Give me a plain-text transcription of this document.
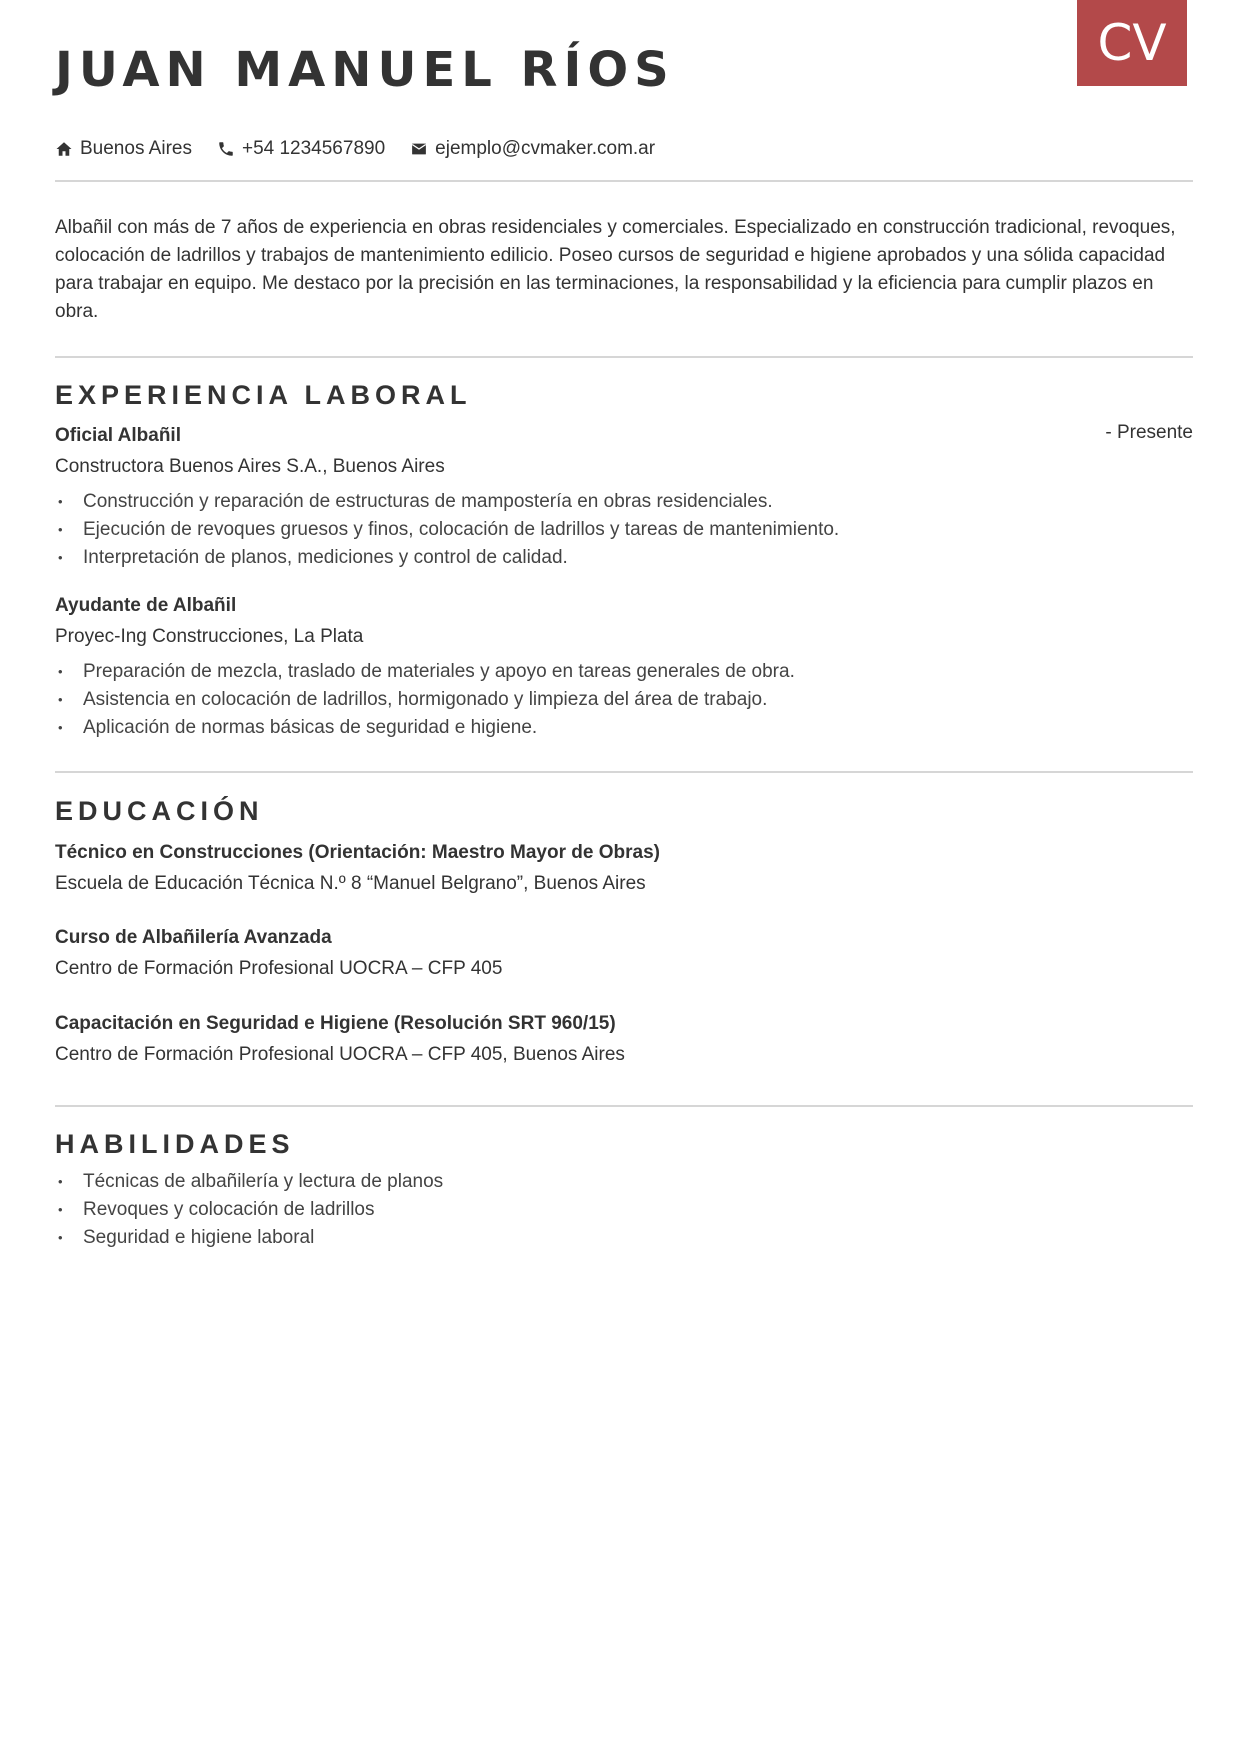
CV
JUAN MANUEL RÍOS
Buenos Aires	+54 1234567890	ejemplo@cvmaker.com.ar

Albañil con más de 7 años de experiencia en obras residenciales y comerciales. Especializado en construcción tradicional, revoques, colocación de ladrillos y trabajos de mantenimiento edilicio. Poseo cursos de seguridad e higiene aprobados y una sólida capacidad para trabajar en equipo. Me destaco por la precisión en las terminaciones, la responsabilidad y la eficiencia para cumplir plazos en obra.

EXPERIENCIA LABORAL

Oficial Albañil	- Presente

Constructora Buenos Aires S.A., Buenos Aires

• Construcción y reparación de estructuras de mampostería en obras residenciales.
• Ejecución de revoques gruesos y finos, colocación de ladrillos y tareas de mantenimiento.
• Interpretación de planos, mediciones y control de calidad.

Ayudante de Albañil

Proyec-Ing Construcciones, La Plata

• Preparación de mezcla, traslado de materiales y apoyo en tareas generales de obra.
• Asistencia en colocación de ladrillos, hormigonado y limpieza del área de trabajo.
• Aplicación de normas básicas de seguridad e higiene.
EDUCACIÓN

Técnico en Construcciones (Orientación: Maestro Mayor de Obras)

Escuela de Educación Técnica N.º 8 “Manuel Belgrano”, Buenos Aires

Curso de Albañilería Avanzada

Centro de Formación Profesional UOCRA – CFP 405

Capacitación en Seguridad e Higiene (Resolución SRT 960/15)

Centro de Formación Profesional UOCRA – CFP 405, Buenos Aires

HABILIDADES
• Técnicas de albañilería y lectura de planos
• Revoques y colocación de ladrillos
• Seguridad e higiene laboral
